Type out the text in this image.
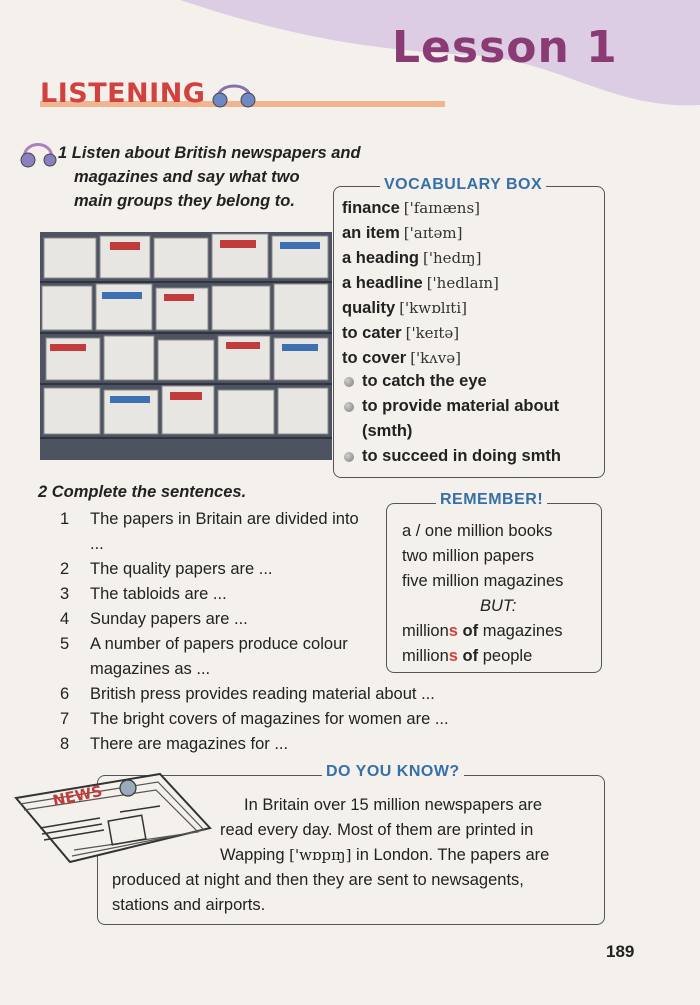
Lesson 1
LISTENING
1 Listen about British newspapers and
magazines and say what two
main groups they belong to.
VOCABULARY BOX
finance ['faɪnæns]
an item ['aɪtəm]
a heading ['hedɪŋ]
a headline ['hedlaɪn]
quality ['kwɒlɪti]
to cater ['keɪtə]
to cover ['kʌvə]
to catch the eye
to provide material about
(smth)
to succeed in doing smth
2 Complete the sentences.
1	The papers in Britain are divided into ...
2	The quality papers are ...
3	The tabloids are ...
4	Sunday papers are ...
5	A number of papers produce colour magazines as ...
6	British press provides reading material about ...
7	The bright covers of magazines for women are ...
8	There are magazines for ...
REMEMBER!
a / one million books
two million papers
five million magazines
BUT:
millions of magazines
millions of people
DO YOU KNOW?
NEWS	In Britain over 15 million newspapers are
read every day. Most of them are printed in
Wapping ['wɒpɪŋ] in London. The papers are
produced at night and then they are sent to newsagents,
stations and airports.
189
